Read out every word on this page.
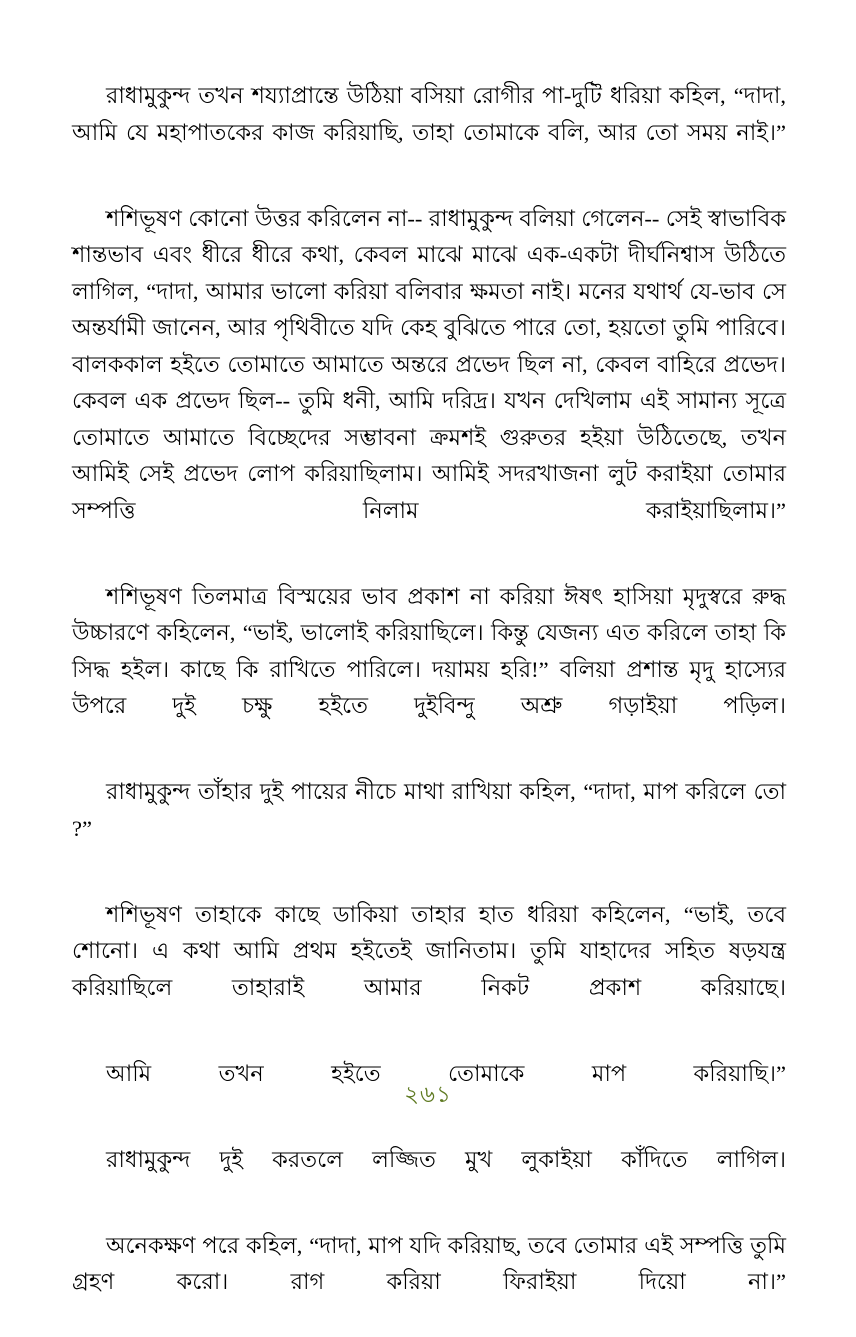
রাধামুকুন্দ তখন শয্যাপ্রান্তে উঠিয়া বসিয়া রোগীর পা-দুটি ধরিয়া কহিল, “দাদা, আমি যে মহাপাতকের কাজ করিয়াছি, তাহা তোমাকে বলি, আর তো সময় নাই।”

শশিভূষণ কোনো উত্তর করিলেন না-- রাধামুকুন্দ বলিয়া গেলেন-- সেই স্বাভাবিক শান্তভাব এবং ধীরে ধীরে কথা, কেবল মাঝে মাঝে এক-একটা দীর্ঘনিশ্বাস উঠিতে লাগিল, “দাদা, আমার ভালো করিয়া বলিবার ক্ষমতা নাই। মনের যথার্থ যে-ভাব সে অন্তর্যামী জানেন, আর পৃথিবীতে যদি কেহ বুঝিতে পারে তো, হয়তো তুমি পারিবে। বালককাল হইতে তোমাতে আমাতে অন্তরে প্রভেদ ছিল না, কেবল বাহিরে প্রভেদ। কেবল এক প্রভেদ ছিল-- তুমি ধনী, আমি দরিদ্র। যখন দেখিলাম এই সামান্য সূত্রে তোমাতে আমাতে বিচ্ছেদের সম্ভাবনা ক্রমশই গুরুতর হইয়া উঠিতেছে, তখন আমিই সেই প্রভেদ লোপ করিয়াছিলাম। আমিই সদরখাজনা লুট করাইয়া তোমার সম্পত্তি নিলাম করাইয়াছিলাম।”

শশিভূষণ তিলমাত্র বিস্ময়ের ভাব প্রকাশ না করিয়া ঈষৎ হাসিয়া মৃদুস্বরে রুদ্ধ উচ্চারণে কহিলেন, “ভাই, ভালোই করিয়াছিলে। কিন্তু যেজন্য এত করিলে তাহা কি সিদ্ধ হইল। কাছে কি রাখিতে পারিলে। দয়াময় হরি!” বলিয়া প্রশান্ত মৃদু হাস্যের উপরে দুই চক্ষু হইতে দুইবিন্দু অশ্রু গড়াইয়া পড়িল।

রাধামুকুন্দ তাঁহার দুই পায়ের নীচে মাথা রাখিয়া কহিল, “দাদা, মাপ করিলে তো ?”

শশিভূষণ তাহাকে কাছে ডাকিয়া তাহার হাত ধরিয়া কহিলেন, “ভাই, তবে শোনো। এ কথা আমি প্রথম হইতেই জানিতাম। তুমি যাহাদের সহিত ষড়যন্ত্র করিয়াছিলে তাহারাই আমার নিকট প্রকাশ করিয়াছে।

আমি তখন হইতে তোমাকে মাপ করিয়াছি।”

রাধামুকুন্দ দুই করতলে লজ্জিত মুখ লুকাইয়া কাঁদিতে লাগিল।

অনেকক্ষণ পরে কহিল, “দাদা, মাপ যদি করিয়াছ, তবে তোমার এই সম্পত্তি তুমি গ্রহণ করো। রাগ করিয়া ফিরাইয়া দিয়ো না।”

২৬১
